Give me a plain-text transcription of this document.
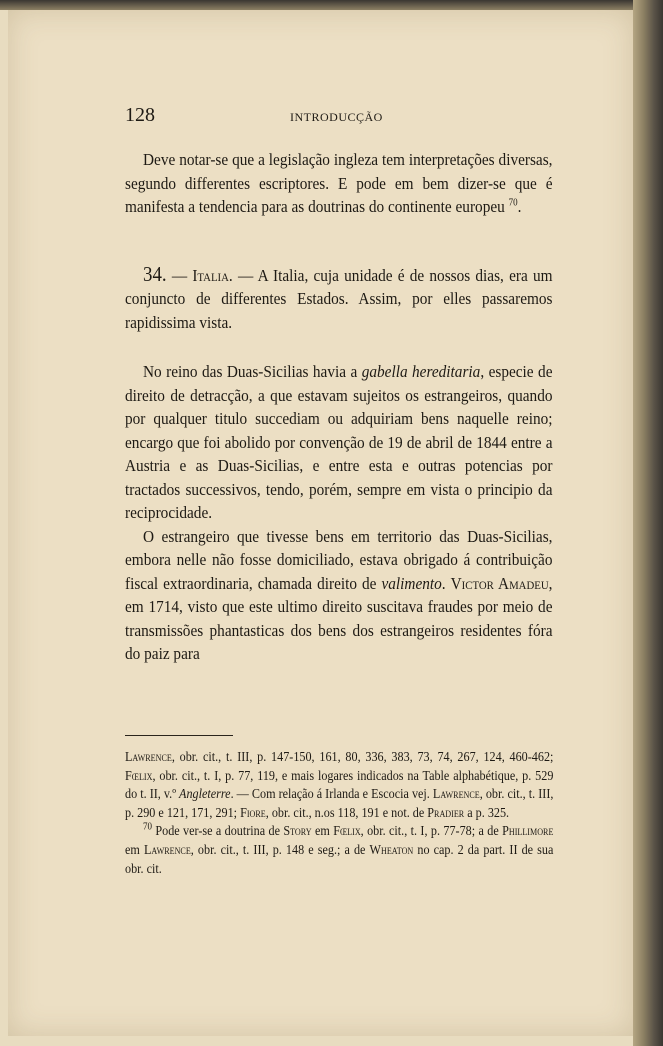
128	INTRODUCÇÃO

Deve notar-se que a legislação ingleza tem interpretações diversas, segundo differentes escriptores. E pode em bem dizer-se que é manifesta a tendencia para as doutrinas do continente europeu $^{70}$.

34. — Italia. — A Italia, cuja unidade é de nossos dias, era um conjuncto de differentes Estados. Assim, por elles passaremos rapidissima vista.

No reino das Duas-Sicilias havia a gabella hereditaria, especie de direito de detracção, a que estavam sujeitos os estrangeiros, quando por qualquer titulo succediam ou adquiriam bens naquelle reino; encargo que foi abolido por convenção de 19 de abril de 1844 entre a Austria e as Duas-Sicilias, e entre esta e outras potencias por tractados successivos, tendo, porém, sempre em vista o principio da reciprocidade.

O estrangeiro que tivesse bens em territorio das Duas-Sicilias, embora nelle não fosse domiciliado, estava obrigado á contribuição fiscal extraordinaria, chamada direito de valimento. Victor Amadeu, em 1714, visto que este ultimo direito suscitava fraudes por meio de transmissões phantasticas dos bens dos estrangeiros residentes fóra do paiz para

Lawrence, obr. cit., t. III, p. 147-150, 161, 80, 336, 383, 73, 74, 267, 124, 460-462; Fœlix, obr. cit., t. I, p. 77, 119, e mais logares indicados na Table alphabétique, p. 529 do t. II, v.º Angleterre. — Com relação á Irlanda e Escocia vej. Lawrence, obr. cit., t. III, p. 290 e 121, 171, 291; Fiore, obr. cit., n.os 118, 191 e not. de Pradier a p. 325.

$^{70}$ Pode ver-se a doutrina de Story em Fœlix, obr. cit., t. I, p. 77-78; a de Phillimore em Lawrence, obr. cit., t. III, p. 148 e seg.; a de Wheaton no cap. 2 da part. II de sua obr. cit.
